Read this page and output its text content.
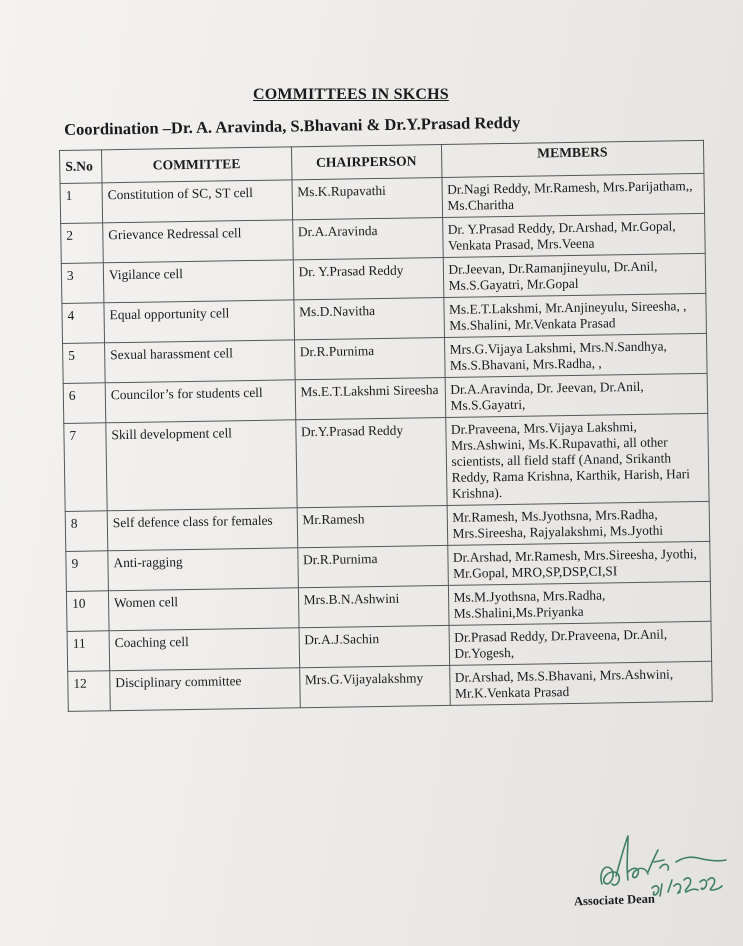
COMMITTEES IN SKCHS
Coordination –Dr. A. Aravinda, S.Bhavani & Dr.Y.Prasad Reddy
S.No	COMMITTEE	CHAIRPERSON	MEMBERS
1	Constitution of SC, ST cell	Ms.K.Rupavathi	Dr.Nagi Reddy, Mr.Ramesh, Mrs.Parijatham,, Ms.Charitha
2	Grievance Redressal cell	Dr.A.Aravinda	Dr. Y.Prasad Reddy, Dr.Arshad, Mr.Gopal, Venkata Prasad, Mrs.Veena
3	Vigilance cell	Dr. Y.Prasad Reddy	Dr.Jeevan, Dr.Ramanjineyulu, Dr.Anil, Ms.S.Gayatri, Mr.Gopal
4	Equal opportunity cell	Ms.D.Navitha	Ms.E.T.Lakshmi, Mr.Anjineyulu, Sireesha, , Ms.Shalini, Mr.Venkata Prasad
5	Sexual harassment cell	Dr.R.Purnima	Mrs.G.Vijaya Lakshmi, Mrs.N.Sandhya, Ms.S.Bhavani, Mrs.Radha, ,
6	Councilor’s for students cell	Ms.E.T.Lakshmi Sireesha	Dr.A.Aravinda, Dr. Jeevan, Dr.Anil, Ms.S.Gayatri,
7	Skill development cell	Dr.Y.Prasad Reddy	Dr.Praveena, Mrs.Vijaya Lakshmi, Mrs.Ashwini, Ms.K.Rupavathi, all other scientists, all field staff (Anand, Srikanth Reddy, Rama Krishna, Karthik, Harish, Hari Krishna).
8	Self defence class for females	Mr.Ramesh	Mr.Ramesh, Ms.Jyothsna, Mrs.Radha, Mrs.Sireesha, Rajyalakshmi, Ms.Jyothi
9	Anti-ragging	Dr.R.Purnima	Dr.Arshad, Mr.Ramesh, Mrs.Sireesha, Jyothi, Mr.Gopal, MRO,SP,DSP,CI,SI
10	Women cell	Mrs.B.N.Ashwini	Ms.M.Jyothsna, Mrs.Radha, Ms.Shalini,Ms.Priyanka
11	Coaching cell	Dr.A.J.Sachin	Dr.Prasad Reddy, Dr.Praveena, Dr.Anil, Dr.Yogesh,
12	Disciplinary committee	Mrs.G.Vijayalakshmy	Dr.Arshad, Ms.S.Bhavani, Mrs.Ashwini, Mr.K.Venkata Prasad
Associate Dean
